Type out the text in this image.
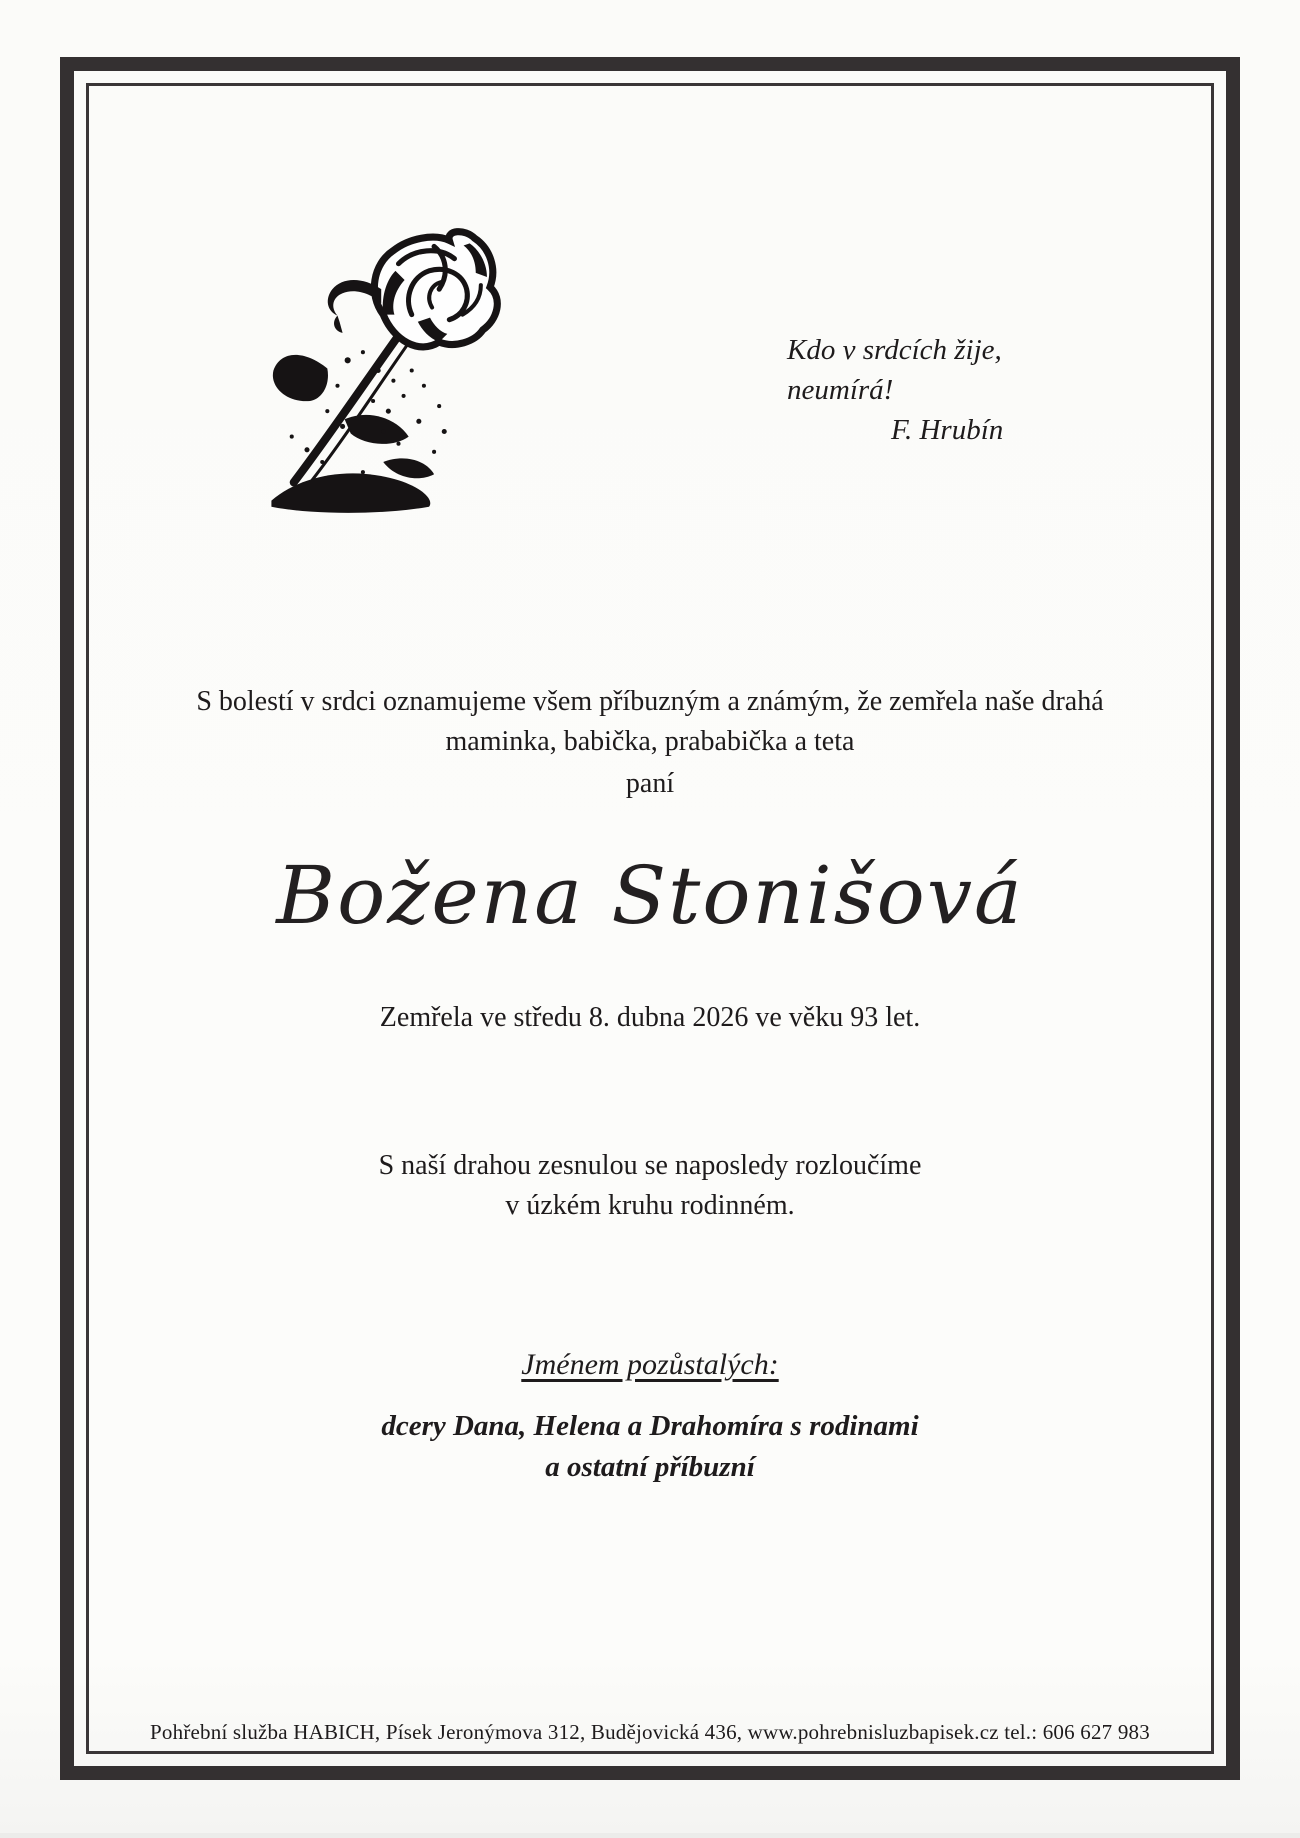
Kdo v srdcích žije,
neumírá!
F. Hrubín
S bolestí v srdci oznamujeme všem příbuzným a známým, že zemřela naše drahá
maminka, babička, prababička a teta
paní
Božena Stonišová
Zemřela ve středu 8. dubna 2026 ve věku 93 let.
S naší drahou zesnulou se naposledy rozloučíme
v úzkém kruhu rodinném.
Jménem pozůstalých:
dcery Dana, Helena a Drahomíra s rodinami
a ostatní příbuzní
Pohřební služba HABICH, Písek Jeronýmova 312, Budějovická 436, www.pohrebnisluzbapisek.cz tel.: 606 627 983
